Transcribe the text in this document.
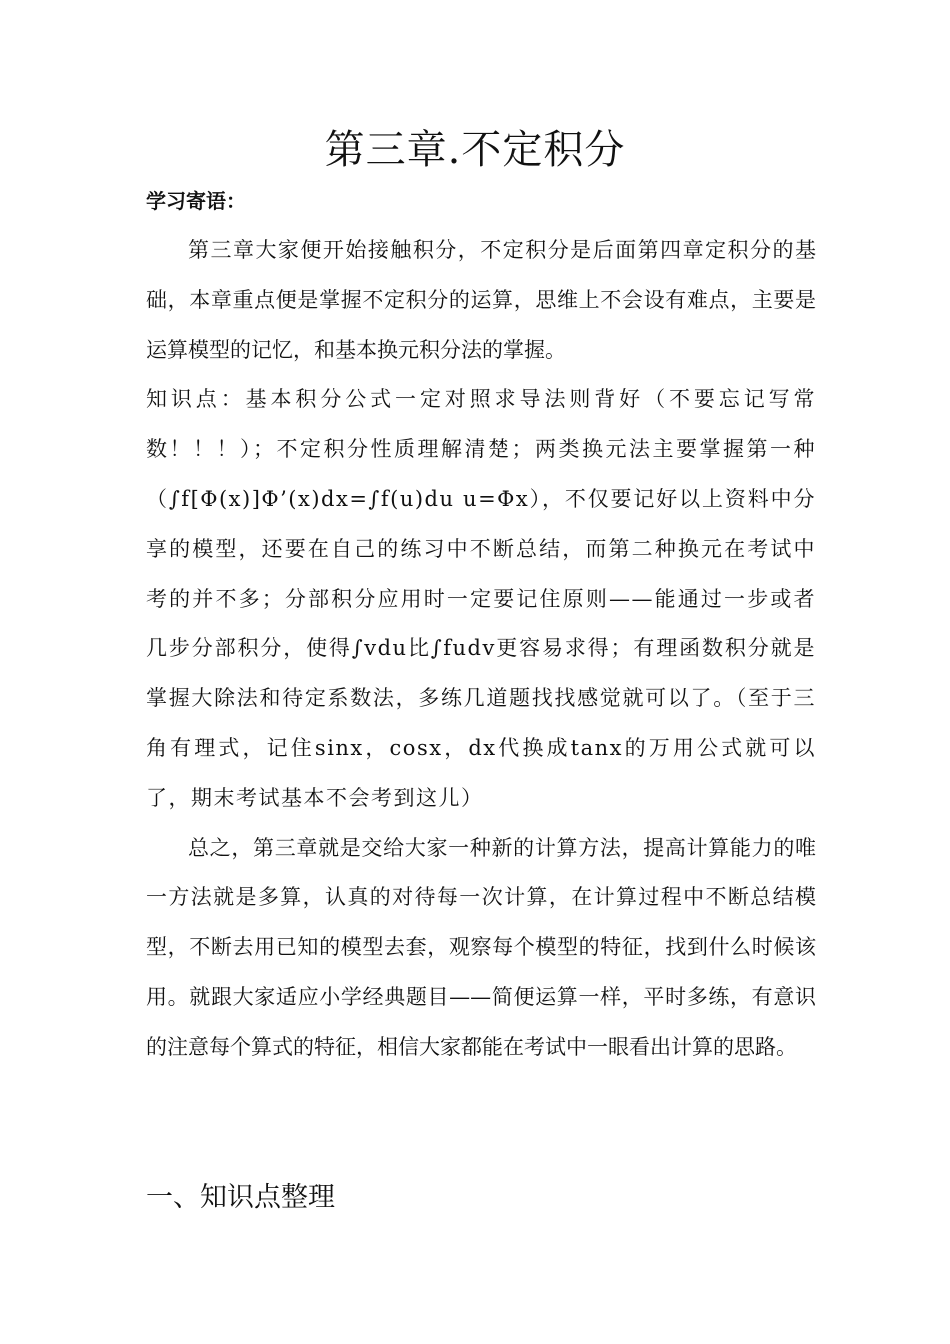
第三章.不定积分
学习寄语：

第三章大家便开始接触积分，不定积分是后面第四章定积分的基础，本章重点便是掌握不定积分的运算，思维上不会设有难点，主要是运算模型的记忆，和基本换元积分法的掌握。

知识点：基本积分公式一定对照求导法则背好（不要忘记写常数！！！）；不定积分性质理解清楚；两类换元法主要掌握第一种（∫f[Φ(x)]Φ’(x)dx=∫f(u)du u=Φx），不仅要记好以上资料中分享的模型，还要在自己的练习中不断总结，而第二种换元在考试中考的并不多；分部积分应用时一定要记住原则——能通过一步或者几步分部积分，使得∫vdu比∫fudv更容易求得；有理函数积分就是掌握大除法和待定系数法，多练几道题找找感觉就可以了。（至于三角有理式，记住sinx，cosx，dx代换成tanx的万用公式就可以了，期末考试基本不会考到这儿）

总之，第三章就是交给大家一种新的计算方法，提高计算能力的唯一方法就是多算，认真的对待每一次计算，在计算过程中不断总结模型，不断去用已知的模型去套，观察每个模型的特征，找到什么时候该用。就跟大家适应小学经典题目——简便运算一样，平时多练，有意识的注意每个算式的特征，相信大家都能在考试中一眼看出计算的思路。

一、知识点整理
